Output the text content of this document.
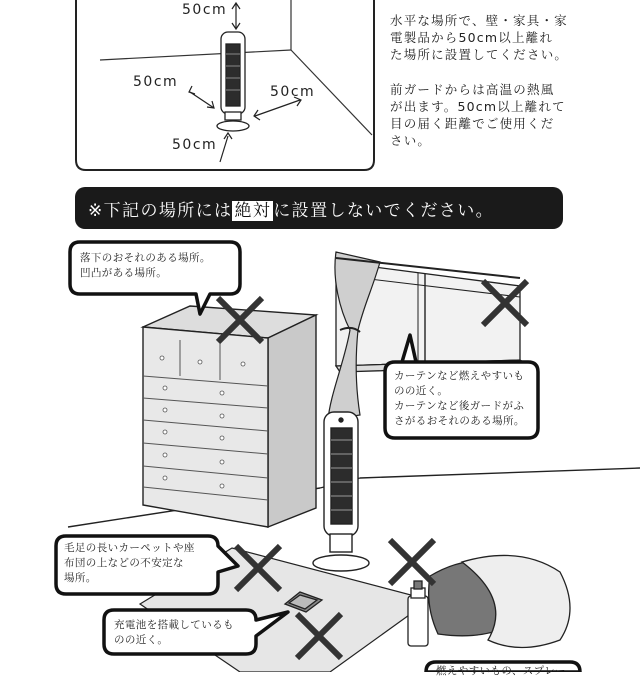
水平な場所で、壁・家具・家
電製品から50cm以上離れ
た場所に設置してください。
前ガードからは高温の熱風
が出ます。50cm以上離れて
目の届く距離でご使用くだ
さい。
50cm
50cm
50cm
50cm
※下記の場所には 絶対 に設置しないでください。
落下のおそれのある場所。
凹凸がある場所。
カーテンなど燃えやすいも
のの近く。
カーテンなど後ガードがふ
さがるおそれのある場所。
毛足の長いカーペットや座
布団の上などの不安定な
場所。
充電池を搭載しているも
のの近く。
燃えやすいもの、スプレー
